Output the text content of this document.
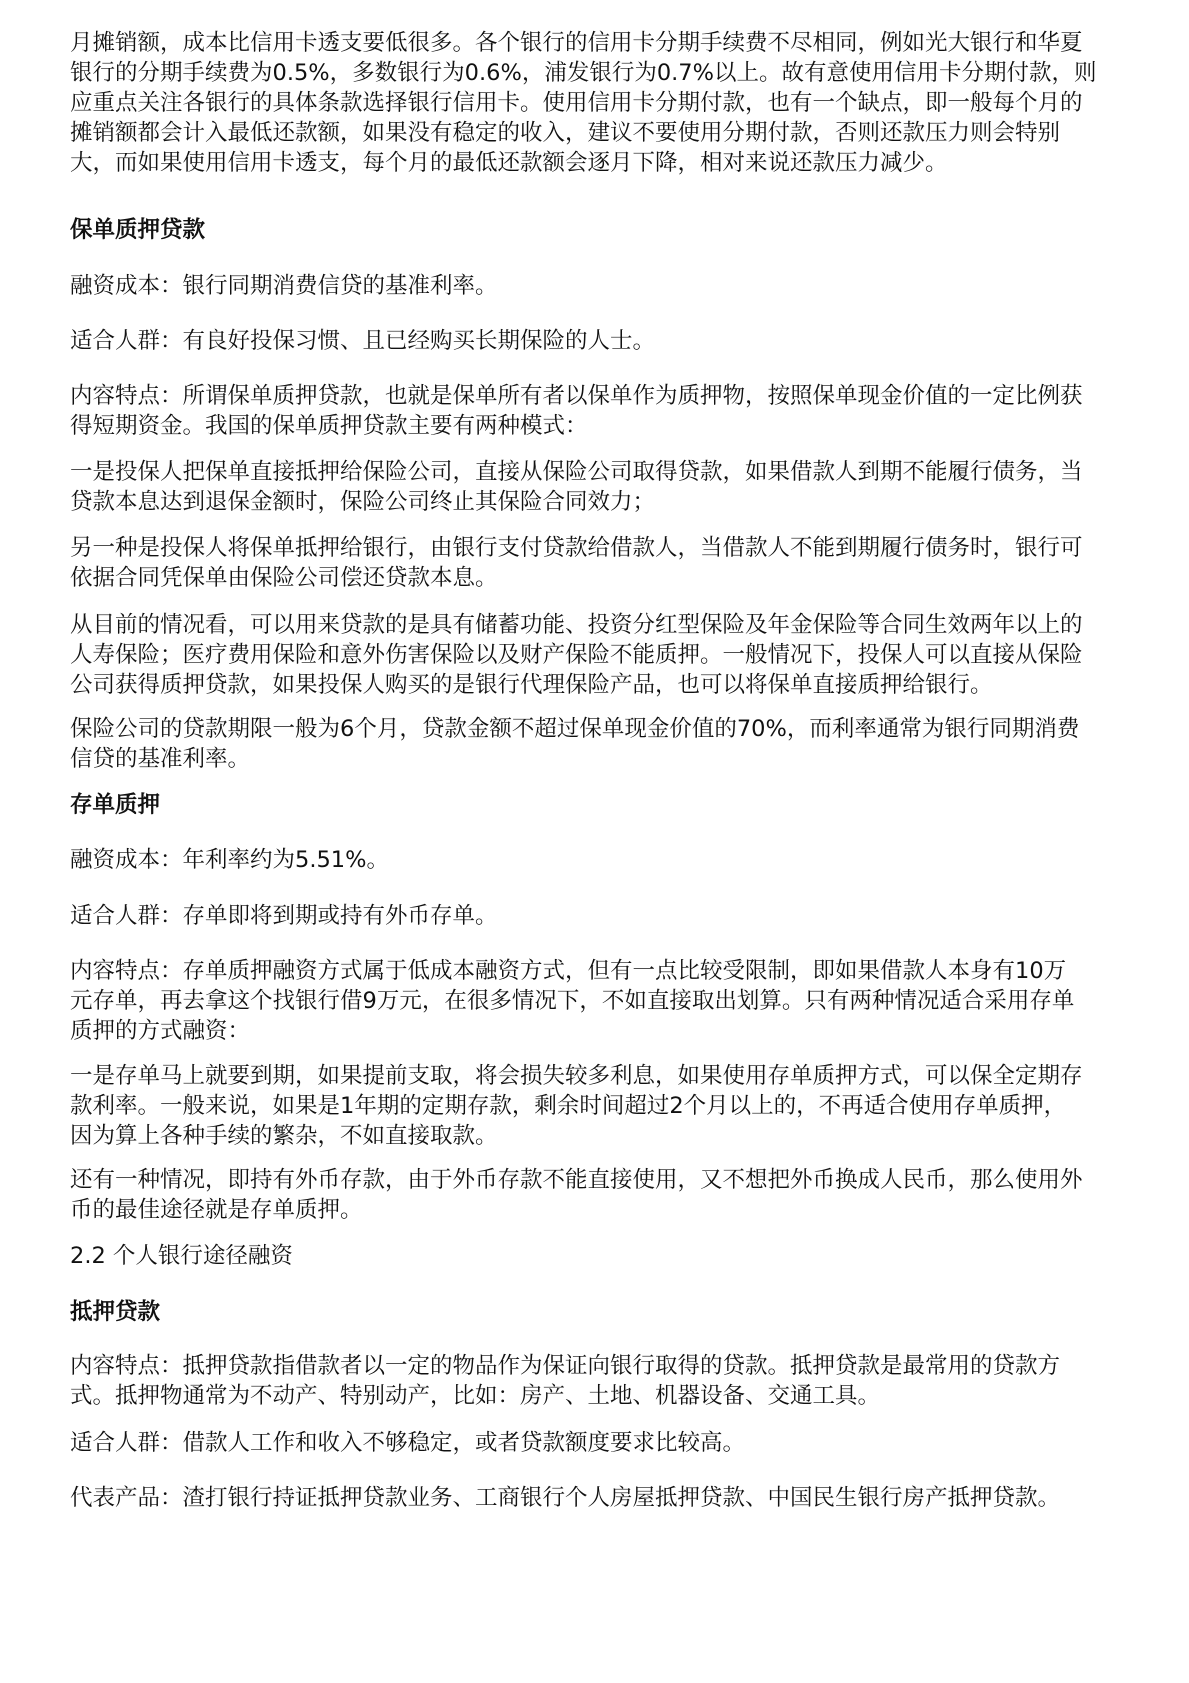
月摊销额，成本比信用卡透支要低很多。各个银行的信用卡分期手续费不尽相同，例如光大银行和华夏
银行的分期手续费为0.5%，多数银行为0.6%，浦发银行为0.7%以上。故有意使用信用卡分期付款，则
应重点关注各银行的具体条款选择银行信用卡。使用信用卡分期付款，也有一个缺点，即一般每个月的
摊销额都会计入最低还款额，如果没有稳定的收入，建议不要使用分期付款，否则还款压力则会特别
大，而如果使用信用卡透支，每个月的最低还款额会逐月下降，相对来说还款压力减少。
保单质押贷款
融资成本：银行同期消费信贷的基准利率。
适合人群：有良好投保习惯、且已经购买长期保险的人士。
内容特点：所谓保单质押贷款，也就是保单所有者以保单作为质押物，按照保单现金价值的一定比例获
得短期资金。我国的保单质押贷款主要有两种模式：
一是投保人把保单直接抵押给保险公司，直接从保险公司取得贷款，如果借款人到期不能履行债务，当
贷款本息达到退保金额时，保险公司终止其保险合同效力；
另一种是投保人将保单抵押给银行，由银行支付贷款给借款人，当借款人不能到期履行债务时，银行可
依据合同凭保单由保险公司偿还贷款本息。
从目前的情况看，可以用来贷款的是具有储蓄功能、投资分红型保险及年金保险等合同生效两年以上的
人寿保险；医疗费用保险和意外伤害保险以及财产保险不能质押。一般情况下，投保人可以直接从保险
公司获得质押贷款，如果投保人购买的是银行代理保险产品，也可以将保单直接质押给银行。
保险公司的贷款期限一般为6个月，贷款金额不超过保单现金价值的70%，而利率通常为银行同期消费
信贷的基准利率。
存单质押
融资成本：年利率约为5.51%。
适合人群：存单即将到期或持有外币存单。
内容特点：存单质押融资方式属于低成本融资方式，但有一点比较受限制，即如果借款人本身有10万
元存单，再去拿这个找银行借9万元，在很多情况下，不如直接取出划算。只有两种情况适合采用存单
质押的方式融资：
一是存单马上就要到期，如果提前支取，将会损失较多利息，如果使用存单质押方式，可以保全定期存
款利率。一般来说，如果是1年期的定期存款，剩余时间超过2个月以上的，不再适合使用存单质押，
因为算上各种手续的繁杂，不如直接取款。
还有一种情况，即持有外币存款，由于外币存款不能直接使用，又不想把外币换成人民币，那么使用外
币的最佳途径就是存单质押。
2.2 个人银行途径融资
抵押贷款
内容特点：抵押贷款指借款者以一定的物品作为保证向银行取得的贷款。抵押贷款是最常用的贷款方
式。抵押物通常为不动产、特别动产，比如：房产、土地、机器设备、交通工具。
适合人群：借款人工作和收入不够稳定，或者贷款额度要求比较高。
代表产品：渣打银行持证抵押贷款业务、工商银行个人房屋抵押贷款、中国民生银行房产抵押贷款。
